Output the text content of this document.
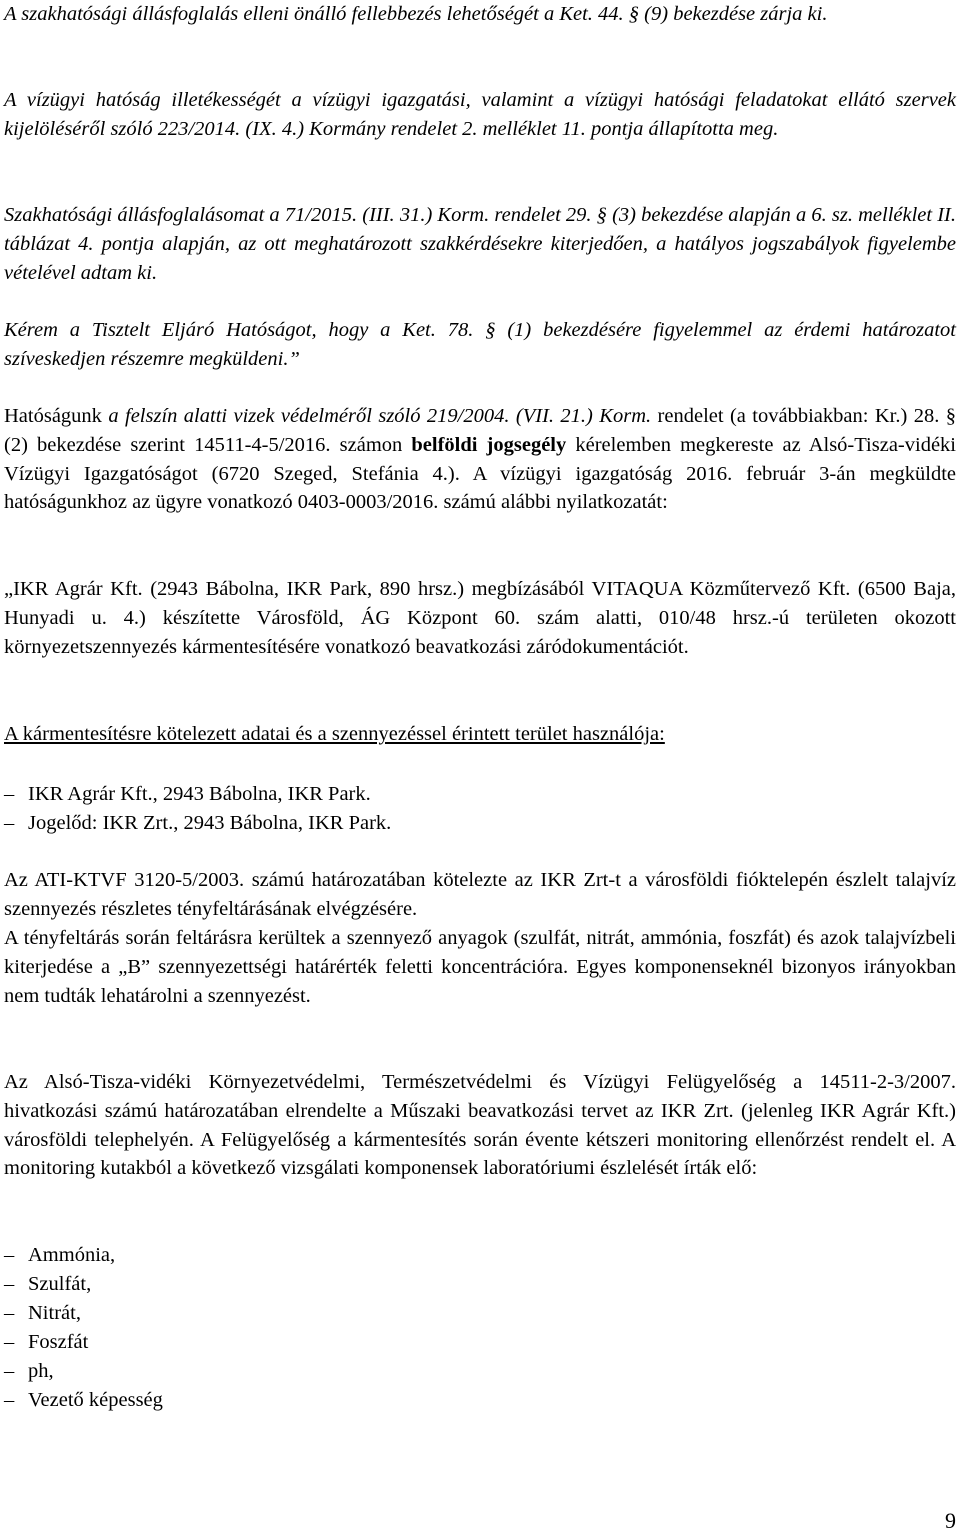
A szakhatósági állásfoglalás elleni önálló fellebbezés lehetőségét a Ket. 44. § (9) bekezdése zárja ki.
A vízügyi hatóság illetékességét a vízügyi igazgatási, valamint a vízügyi hatósági feladatokat ellátó szervek kijelöléséről szóló 223/2014. (IX. 4.) Kormány rendelet 2. melléklet 11. pontja állapította meg.
Szakhatósági állásfoglalásomat a 71/2015. (III. 31.) Korm. rendelet 29. § (3) bekezdése alapján a 6. sz. melléklet II. táblázat 4. pontja alapján, az ott meghatározott szakkérdésekre kiterjedően, a hatályos jogszabályok figyelembe vételével adtam ki.
Kérem a Tisztelt Eljáró Hatóságot, hogy a Ket. 78. § (1) bekezdésére figyelemmel az érdemi határozatot szíveskedjen részemre megküldeni.”
Hatóságunk a felszín alatti vizek védelméről szóló 219/2004. (VII. 21.) Korm. rendelet (a továbbiakban: Kr.) 28. § (2) bekezdése szerint 14511-4-5/2016. számon belföldi jogsegély kérelemben megkereste az Alsó-Tisza-vidéki Vízügyi Igazgatóságot (6720 Szeged, Stefánia 4.). A vízügyi igazgatóság 2016. február 3-án megküldte hatóságunkhoz az ügyre vonatkozó 0403-0003/2016. számú alábbi nyilatkozatát:
„IKR Agrár Kft. (2943 Bábolna, IKR Park, 890 hrsz.) megbízásából VITAQUA Közműtervező Kft. (6500 Baja, Hunyadi u. 4.) készítette Városföld, ÁG Központ 60. szám alatti, 010/48 hrsz.-ú területen okozott környezetszennyezés kármentesítésére vonatkozó beavatkozási záródokumentációt.
A kármentesítésre kötelezett adatai és a szennyezéssel érintett terület használója:
– IKR Agrár Kft., 2943 Bábolna, IKR Park.
– Jogelőd: IKR Zrt., 2943 Bábolna, IKR Park.
Az ATI-KTVF 3120-5/2003. számú határozatában kötelezte az IKR Zrt-t a városföldi fióktelepén észlelt talajvíz szennyezés részletes tényfeltárásának elvégzésére.
A tényfeltárás során feltárásra kerültek a szennyező anyagok (szulfát, nitrát, ammónia, foszfát) és azok talajvízbeli kiterjedése a „B” szennyezettségi határérték feletti koncentrációra. Egyes komponenseknél bizonyos irányokban nem tudták lehatárolni a szennyezést.
Az Alsó-Tisza-vidéki Környezetvédelmi, Természetvédelmi és Vízügyi Felügyelőség a 14511-2-3/2007. hivatkozási számú határozatában elrendelte a Műszaki beavatkozási tervet az IKR Zrt. (jelenleg IKR Agrár Kft.) városföldi telephelyén. A Felügyelőség a kármentesítés során évente kétszeri monitoring ellenőrzést rendelt el. A monitoring kutakból a következő vizsgálati komponensek laboratóriumi észlelését írták elő:
– Ammónia,
– Szulfát,
– Nitrát,
– Foszfát
– ph,
– Vezető képesség
9
